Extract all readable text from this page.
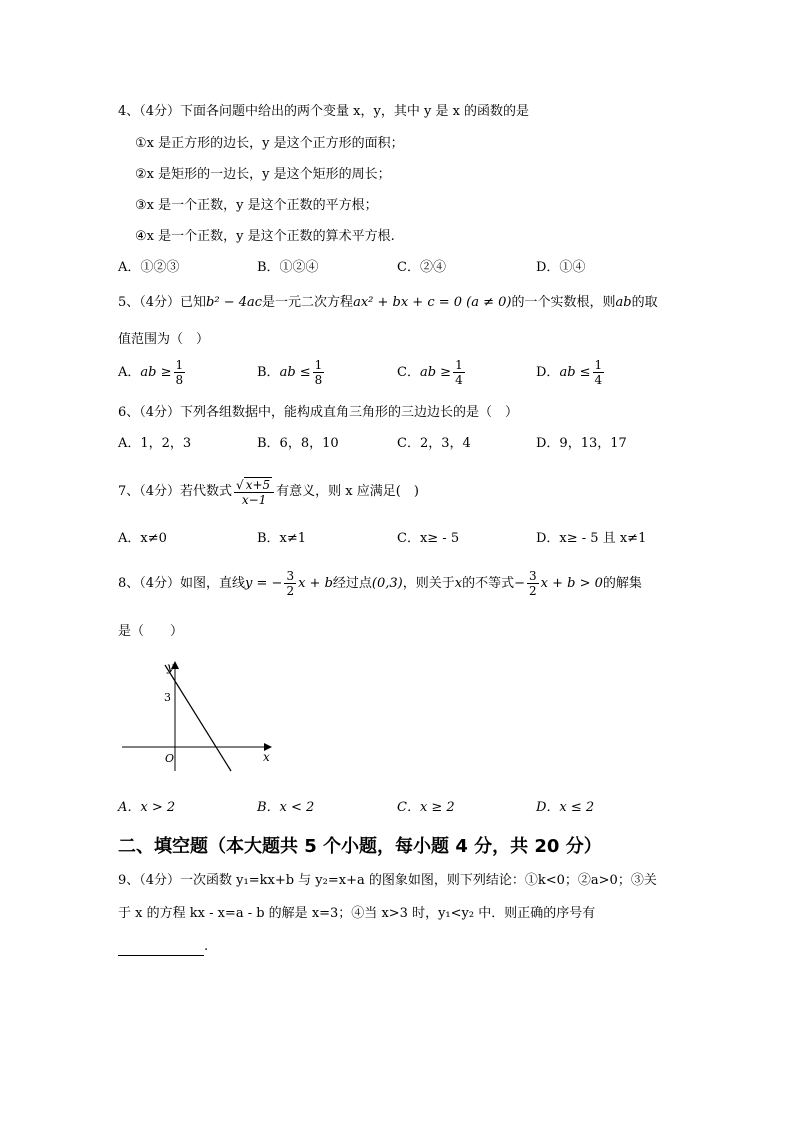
4、（4分）下面各问题中给出的两个变量 x，y，其中 y 是 x 的函数的是
①x 是正方形的边长，y 是这个正方形的面积；
②x 是矩形的一边长，y 是这个矩形的周长；
③x 是一个正数，y 是这个正数的平方根；
④x 是一个正数，y 是这个正数的算术平方根.
A．①②③	B．①②④	C．②④	D．①④
5、（4分）已知b² − 4ac是一元二次方程ax² + bx + c = 0 (a ≠ 0)的一个实数根，则ab的取
值范围为（　）
A．ab ≥ $\frac{1}{8}$	B．ab ≤ $\frac{1}{8}$	C．ab ≥ $\frac{1}{4}$	D．ab ≤ $\frac{1}{4}$
6、（4分）下列各组数据中，能构成直角三角形的三边边长的是（　）
A．1，2，3	B．6，8，10	C．2，3，4	D．9，13，17
7、（4分）若代数式 $\frac{√ x+5}{x-1}$ 有意义，则 x 应满足(　)
A．x≠0	B．x≠1	C．x≥ - 5	D．x≥ - 5 且 x≠1
8、（4分）如图，直线y = − $\frac{3}{2}$ x + b经过点(0,3)，则关于x的不等式− $\frac{3}{2}$ x + b > 0的解集
是（　　）
y
x
O
3
A．x > 2	B．x < 2	C．x ≥ 2	D．x ≤ 2
二、填空题（本大题共 5 个小题，每小题 4 分，共 20 分）
9、（4分）一次函数 y₁=kx+b 与 y₂=x+a 的图象如图，则下列结论：①k<0；②a>0；③关
于 x 的方程 kx - x=a - b 的解是 x=3；④当 x>3 时，y₁<y₂ 中．则正确的序号有
.
